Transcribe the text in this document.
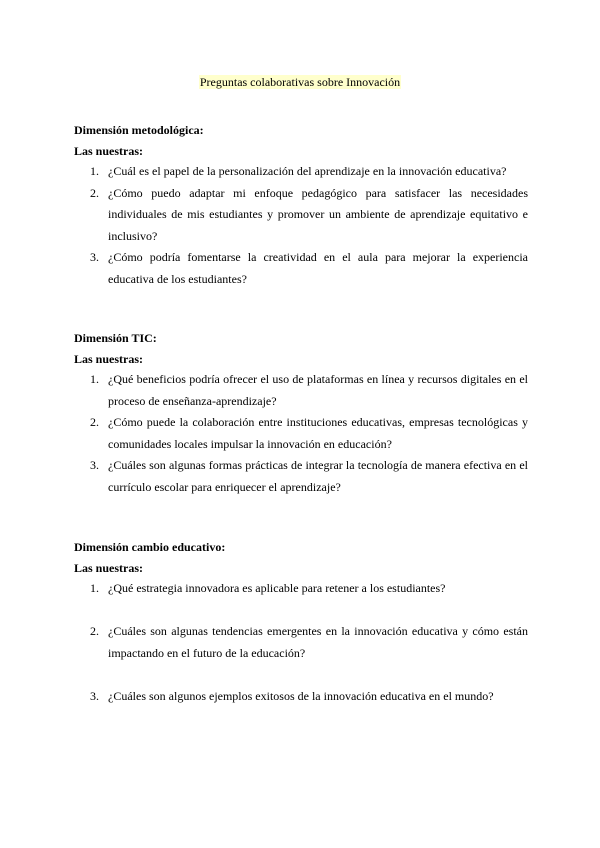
Preguntas colaborativas sobre Innovación

Dimensión metodológica:

Las nuestras:

1. ¿Cuál es el papel de la personalización del aprendizaje en la innovación educativa?
2. ¿Cómo puedo adaptar mi enfoque pedagógico para satisfacer las necesidades individuales de mis estudiantes y promover un ambiente de aprendizaje equitativo e inclusivo?
3. ¿Cómo podría fomentarse la creatividad en el aula para mejorar la experiencia educativa de los estudiantes?

Dimensión TIC:

Las nuestras:

1. ¿Qué beneficios podría ofrecer el uso de plataformas en línea y recursos digitales en el proceso de enseñanza-aprendizaje?
2. ¿Cómo puede la colaboración entre instituciones educativas, empresas tecnológicas y comunidades locales impulsar la innovación en educación?
3. ¿Cuáles son algunas formas prácticas de integrar la tecnología de manera efectiva en el currículo escolar para enriquecer el aprendizaje?

Dimensión cambio educativo:

Las nuestras:

1. ¿Qué estrategia innovadora es aplicable para retener a los estudiantes?
2. ¿Cuáles son algunas tendencias emergentes en la innovación educativa y cómo están impactando en el futuro de la educación?
3. ¿Cuáles son algunos ejemplos exitosos de la innovación educativa en el mundo?
